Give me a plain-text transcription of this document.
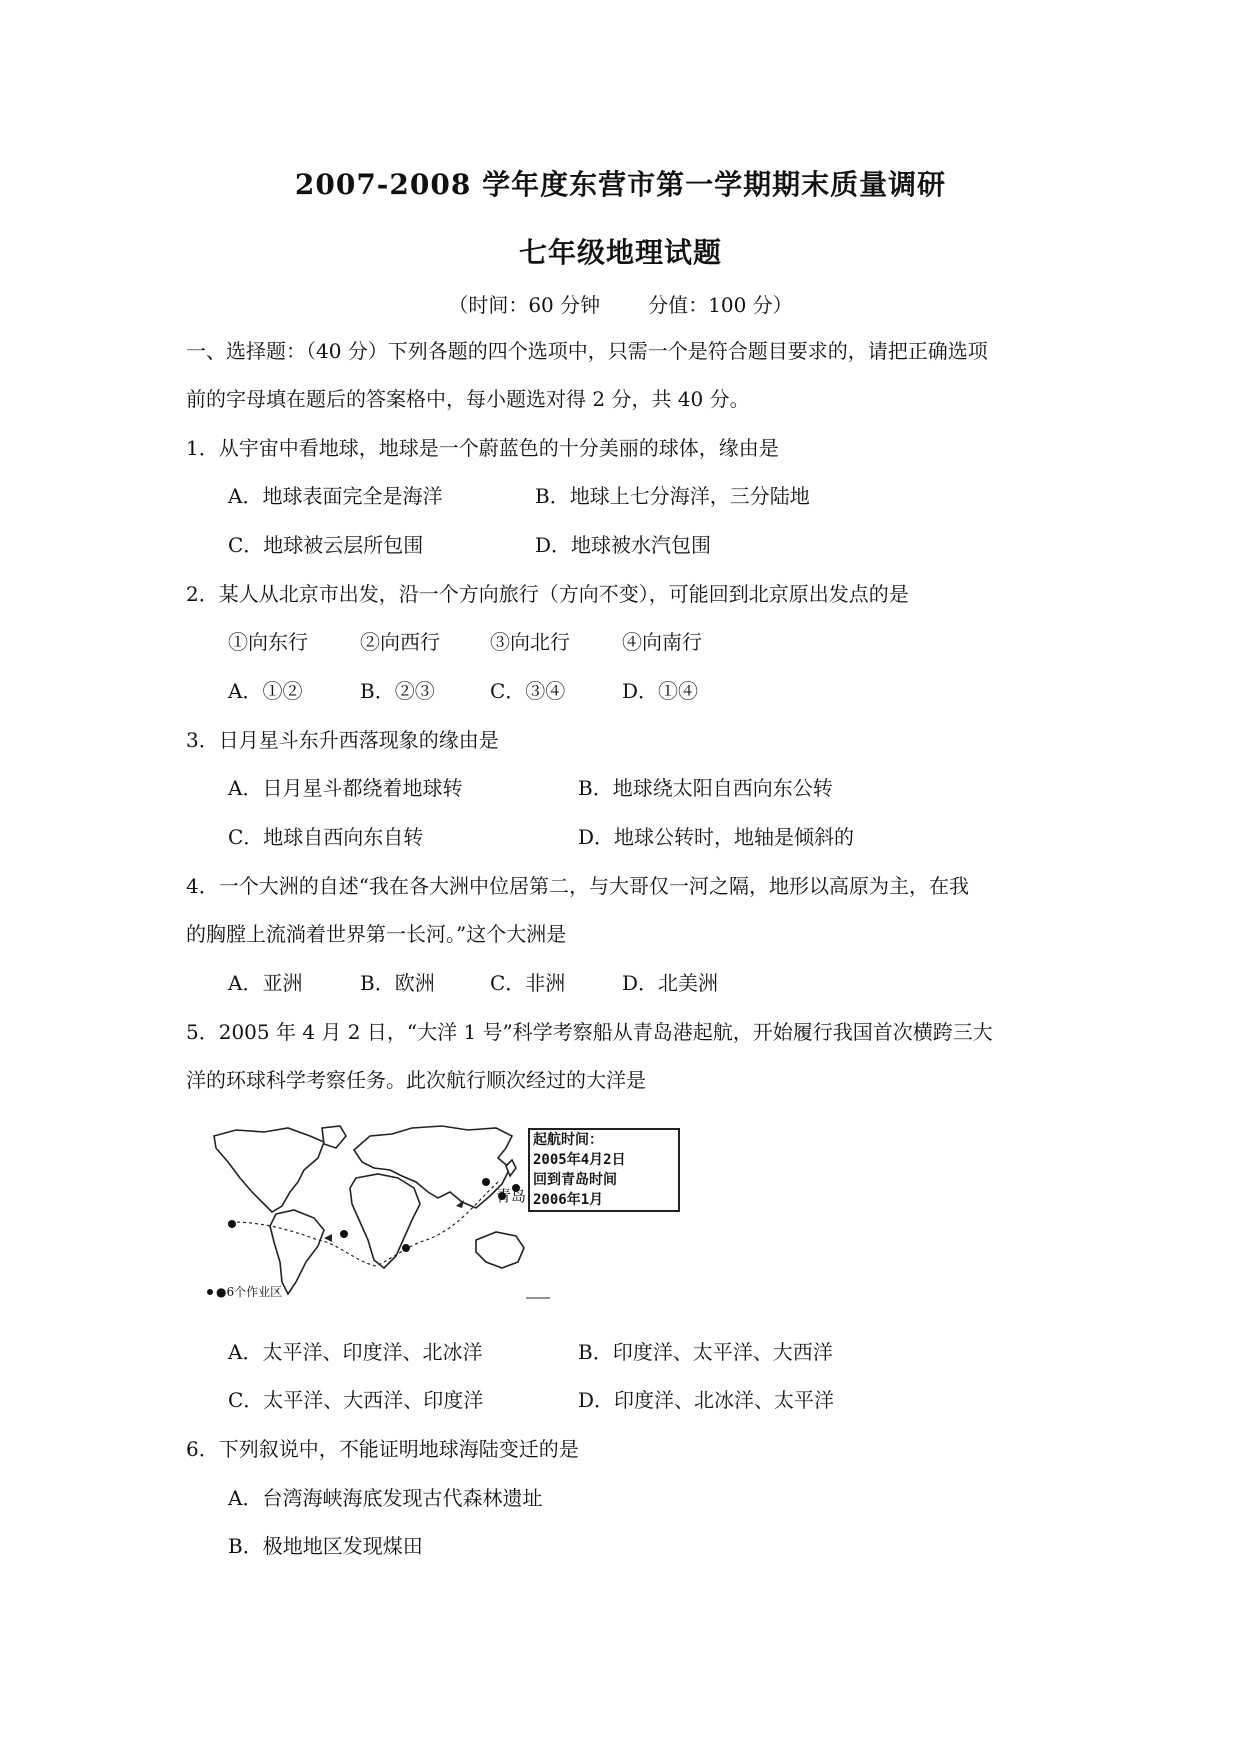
2007-2008 学年度东营市第一学期期末质量调研
七年级地理试题
（时间：60 分钟 分值：100 分）
一、选择题：（40 分）下列各题的四个选项中，只需一个是符合题目要求的，请把正确选项
前的字母填在题后的答案格中，每小题选对得 2 分，共 40 分。
1．从宇宙中看地球，地球是一个蔚蓝色的十分美丽的球体，缘由是
A．地球表面完全是海洋	B．地球上七分海洋，三分陆地
C．地球被云层所包围	D．地球被水汽包围
2．某人从北京市出发，沿一个方向旅行（方向不变），可能回到北京原出发点的是
①向东行	②向西行	③向北行	④向南行
A．①②	B．②③	C．③④	D．①④
3．日月星斗东升西落现象的缘由是
A．日月星斗都绕着地球转	B．地球绕太阳自西向东公转
C．地球自西向东自转	D．地球公转时，地轴是倾斜的
4．一个大洲的自述“我在各大洲中位居第二，与大哥仅一河之隔，地形以高原为主，在我
的胸膛上流淌着世界第一长河。”这个大洲是
A．亚洲	B．欧洲	C．非洲	D．北美洲
5．2005 年 4 月 2 日，“大洋 1 号”科学考察船从青岛港起航，开始履行我国首次横跨三大
洋的环球科学考察任务。此次航行顺次经过的大洋是
起航时间：
2005年4月2日
回到青岛时间
2006年1月
青岛
●6个作业区
A．太平洋、印度洋、北冰洋	B．印度洋、太平洋、大西洋
C．太平洋、大西洋、印度洋	D．印度洋、北冰洋、太平洋
6．下列叙说中，不能证明地球海陆变迁的是
A．台湾海峡海底发现古代森林遗址
B．极地地区发现煤田
